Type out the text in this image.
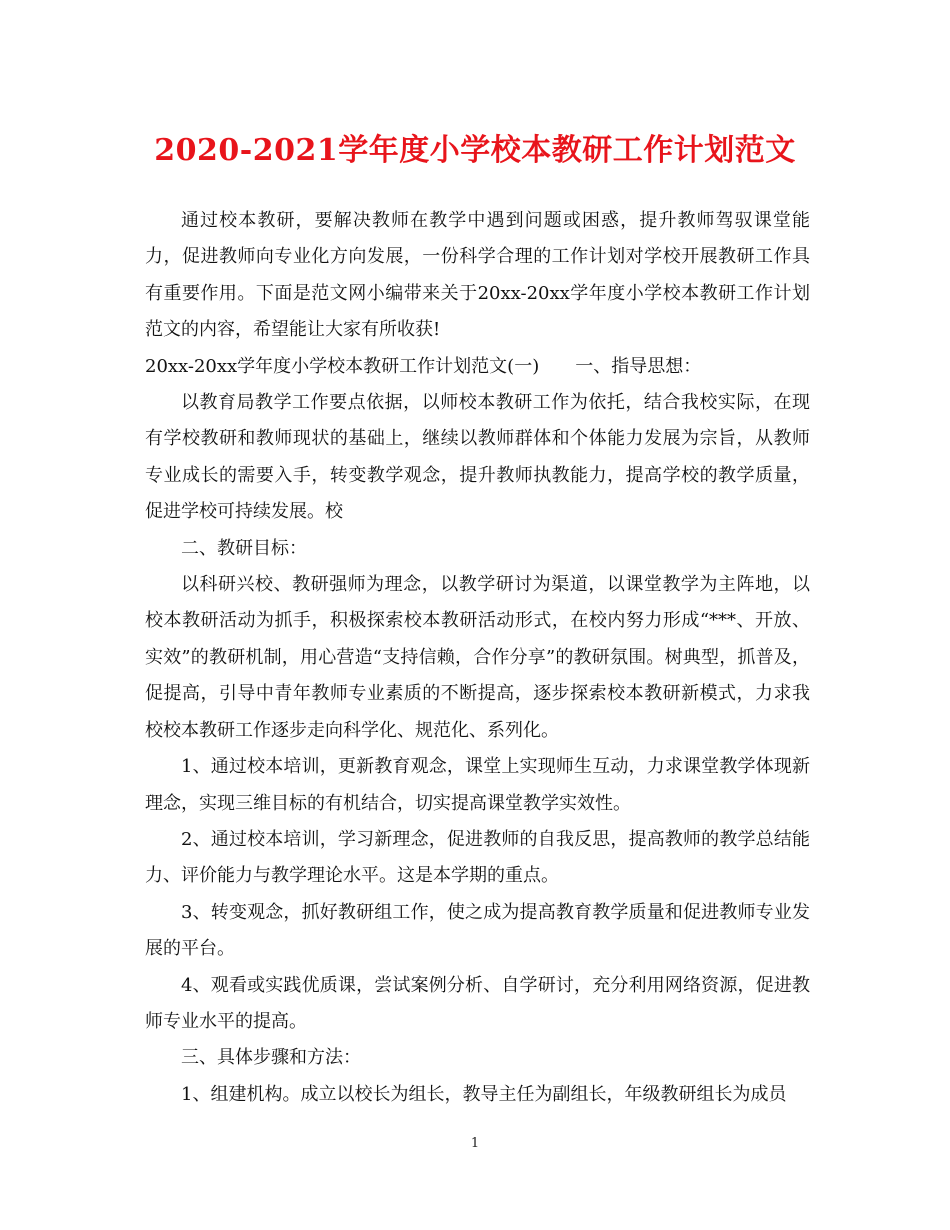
2020-2021学年度小学校本教研工作计划范文

通过校本教研，要解决教师在教学中遇到问题或困惑，提升教师驾驭课堂能力，促进教师向专业化方向发展，一份科学合理的工作计划对学校开展教研工作具有重要作用。下面是范文网小编带来关于20xx-20xx学年度小学校本教研工作计划范文的内容，希望能让大家有所收获!

20xx-20xx学年度小学校本教研工作计划范文(一)　　一、指导思想：

以教育局教学工作要点依据，以师校本教研工作为依托，结合我校实际，在现有学校教研和教师现状的基础上，继续以教师群体和个体能力发展为宗旨，从教师专业成长的需要入手，转变教学观念，提升教师执教能力，提高学校的教学质量，促进学校可持续发展。校

二、教研目标：

以科研兴校、教研强师为理念，以教学研讨为渠道，以课堂教学为主阵地，以校本教研活动为抓手，积极探索校本教研活动形式，在校内努力形成“***、开放、实效”的教研机制，用心营造“支持信赖，合作分享”的教研氛围。树典型，抓普及，促提高，引导中青年教师专业素质的不断提高，逐步探索校本教研新模式，力求我校校本教研工作逐步走向科学化、规范化、系列化。

1、通过校本培训，更新教育观念，课堂上实现师生互动，力求课堂教学体现新理念，实现三维目标的有机结合，切实提高课堂教学实效性。

2、通过校本培训，学习新理念，促进教师的自我反思，提高教师的教学总结能力、评价能力与教学理论水平。这是本学期的重点。

3、转变观念，抓好教研组工作，使之成为提高教育教学质量和促进教师专业发展的平台。

4、观看或实践优质课，尝试案例分析、自学研讨，充分利用网络资源，促进教师专业水平的提高。

三、具体步骤和方法：

1、组建机构。成立以校长为组长，教导主任为副组长，年级教研组长为成员

1
